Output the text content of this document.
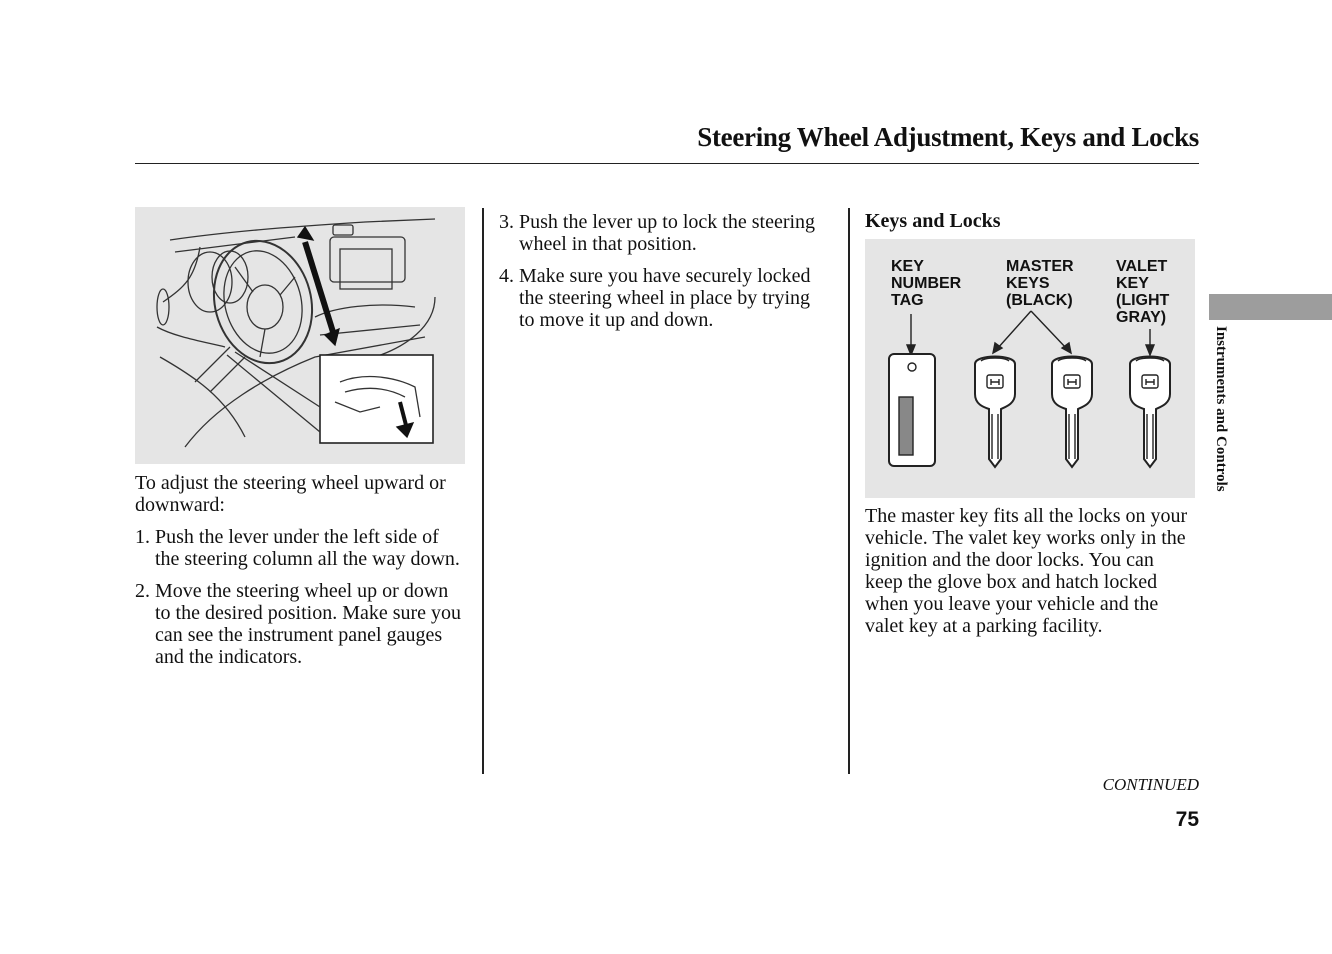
Steering Wheel Adjustment, Keys and Locks

To adjust the steering wheel upward or downward:

1.
Push the lever under the left side of the steering column all the way down.
2.
Move the steering wheel up or down to the desired position. Make sure you can see the instrument panel gauges and the indicators.
3.
Push the lever up to lock the steering wheel in that position.
4.
Make sure you have securely locked the steering wheel in place by trying to move it up and down.
Keys and Locks
KEY
NUMBER
TAG
MASTER
KEYS
(BLACK)
VALET
KEY
(LIGHT
GRAY)

The master key fits all the locks on your vehicle. The valet key works only in the ignition and the door locks. You can keep the glove box and hatch locked when you leave your vehicle and the valet key at a parking facility.

Instruments and Controls
CONTINUED
75
